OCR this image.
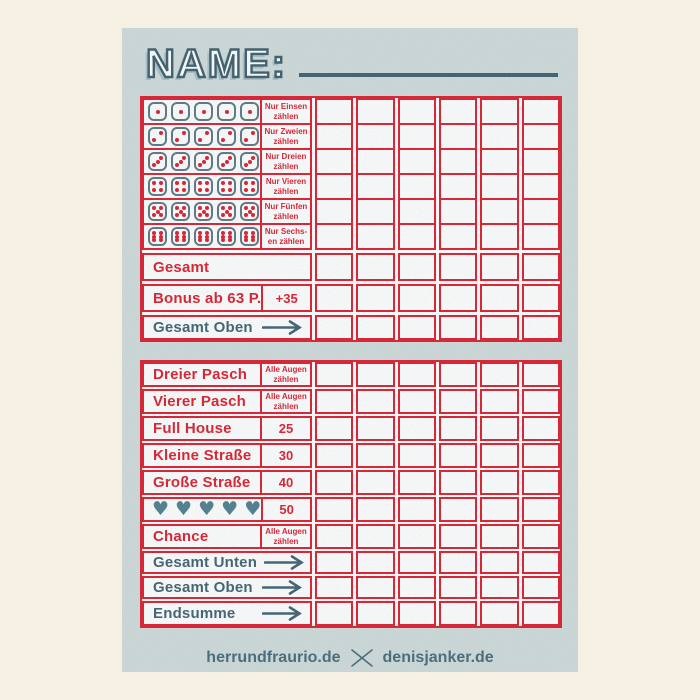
NAME:
Nur Einsen
zählen
Nur Zweien
zählen
Nur Dreien
zählen
Nur Vieren
zählen
Nur Fünfen
zählen
Nur Sechs-
en zählen
Gesamt
Bonus ab 63 P. +35
Gesamt Oben
Dreier Pasch	Alle Augen
zählen
Vierer Pasch	Alle Augen
zählen
Full House	25
Kleine Straße	30
Große Straße	40
♥ ♥ ♥ ♥ ♥ 50
Chance	Alle Augen
zählen
Gesamt Unten
Gesamt Oben
Endsumme
herrundfraurio.de	denisjanker.de
